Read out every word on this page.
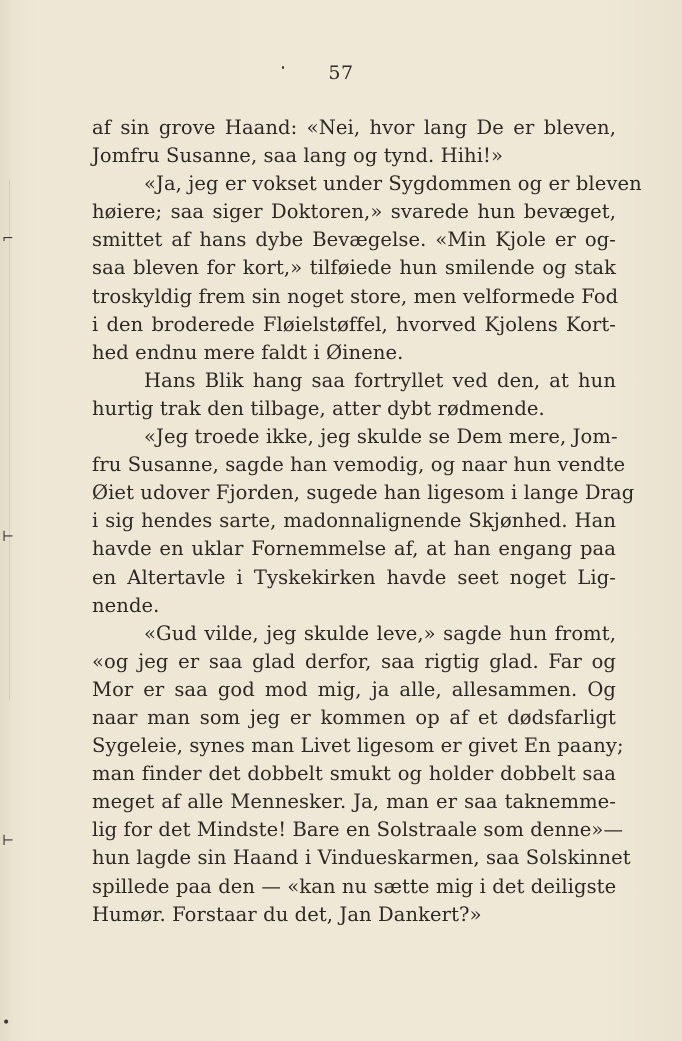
⌐
⊢
⊢
•
57
af sin grove Haand: «Nei, hvor lang De er bleven,
Jomfru Susanne, saa lang og tynd. Hihi!»
«Ja, jeg er vokset under Sygdommen og er bleven
høiere; saa siger Doktoren,» svarede hun bevæget,
smittet af hans dybe Bevægelse. «Min Kjole er og-
saa bleven for kort,» tilføiede hun smilende og stak
troskyldig frem sin noget store, men velformede Fod
i den broderede Fløielstøffel, hvorved Kjolens Kort-
hed endnu mere faldt i Øinene.
Hans Blik hang saa fortryllet ved den, at hun
hurtig trak den tilbage, atter dybt rødmende.
«Jeg troede ikke, jeg skulde se Dem mere, Jom-
fru Susanne, sagde han vemodig, og naar hun vendte
Øiet udover Fjorden, sugede han ligesom i lange Drag
i sig hendes sarte, madonnalignende Skjønhed. Han
havde en uklar Fornemmelse af, at han engang paa
en Altertavle i Tyskekirken havde seet noget Lig-
nende.
«Gud vilde, jeg skulde leve,» sagde hun fromt,
«og jeg er saa glad derfor, saa rigtig glad. Far og
Mor er saa god mod mig, ja alle, allesammen. Og
naar man som jeg er kommen op af et dødsfarligt
Sygeleie, synes man Livet ligesom er givet En paany;
man finder det dobbelt smukt og holder dobbelt saa
meget af alle Mennesker. Ja, man er saa taknemme-
lig for det Mindste! Bare en Solstraale som denne»—
hun lagde sin Haand i Vindueskarmen, saa Solskinnet
spillede paa den — «kan nu sætte mig i det deiligste
Humør. Forstaar du det, Jan Dankert?»
